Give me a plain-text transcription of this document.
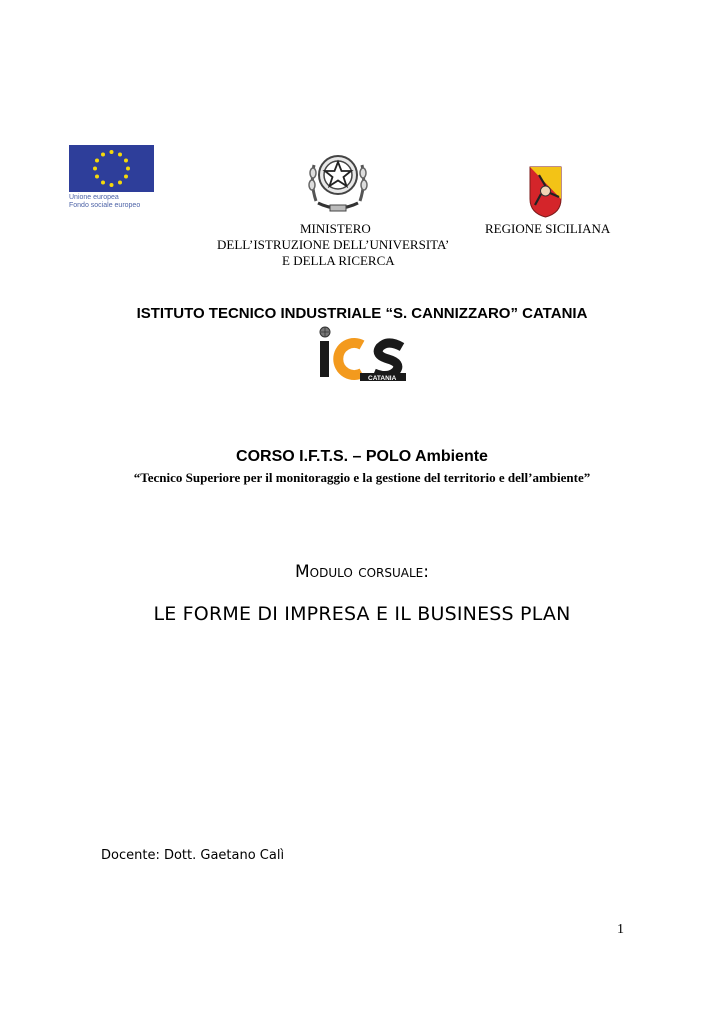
Unione europea
Fondo sociale europeo
MINISTERO
DELL’ISTRUZIONE DELL’UNIVERSITA’
E DELLA RICERCA
REGIONE SICILIANA
ISTITUTO TECNICO INDUSTRIALE “S. CANNIZZARO” CATANIA
CATANIA
CORSO I.F.T.S. – POLO Ambiente
“Tecnico Superiore per il monitoraggio e la gestione del territorio e dell’ambiente”
Modulo corsuale:
LE FORME DI IMPRESA E IL BUSINESS PLAN
Docente: Dott. Gaetano Calì
1
